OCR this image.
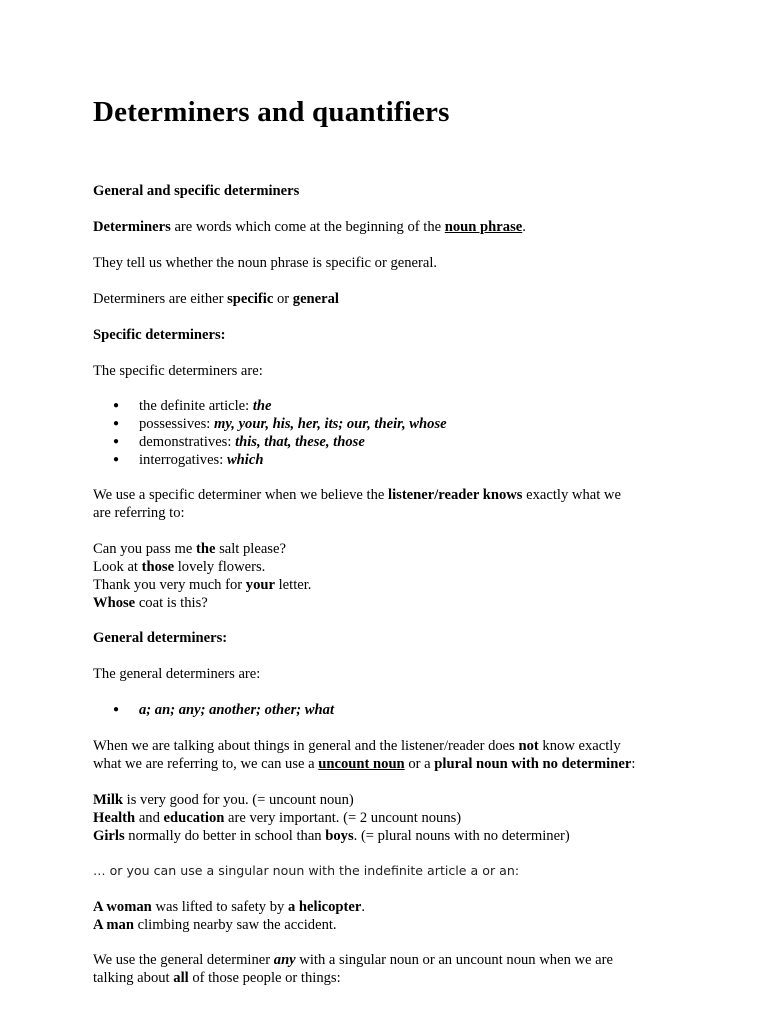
Determiners and quantifiers
General and specific determiners

Determiners are words which come at the beginning of the noun phrase.

They tell us whether the noun phrase is specific or general.

Determiners are either specific or general

Specific determiners:

The specific determiners are:

● the definite article: the
● possessives: my, your, his, her, its; our, their, whose
● demonstratives: this, that, these, those
● interrogatives: which

We use a specific determiner when we believe the listener/reader knows exactly what we

are referring to:

Can you pass me the salt please?

Look at those lovely flowers.

Thank you very much for your letter.

Whose coat is this?

General determiners:

The general determiners are:

● a; an; any; another; other; what

When we are talking about things in general and the listener/reader does not know exactly

what we are referring to, we can use a uncount noun or a plural noun with no determiner:

Milk is very good for you. (= uncount noun)

Health and education are very important. (= 2 uncount nouns)

Girls normally do better in school than boys. (= plural nouns with no determiner)

… or you can use a singular noun with the indefinite article a or an:

A woman was lifted to safety by a helicopter.

A man climbing nearby saw the accident.

We use the general determiner any with a singular noun or an uncount noun when we are

talking about all of those people or things:
